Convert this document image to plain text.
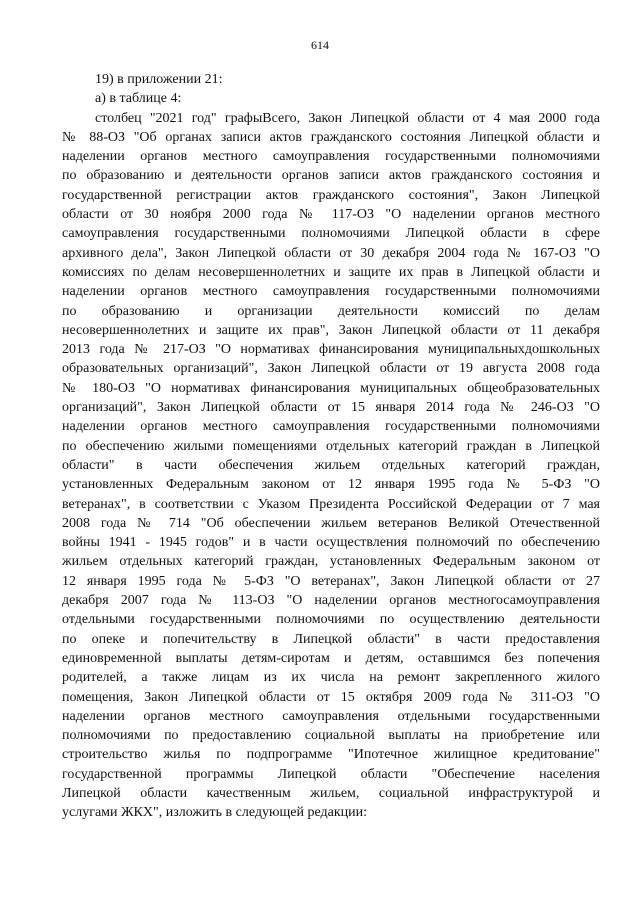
614
19) в приложении 21:
а) в таблице 4:
столбец "2021 год" графыВсего, Закон Липецкой области от 4 мая 2000 года
№ 88-ОЗ "Об органах записи актов гражданского состояния Липецкой области и
наделении органов местного самоуправления государственными полномочиями
по образованию и деятельности органов записи актов гражданского состояния и
государственной регистрации актов гражданского состояния", Закон Липецкой
области от 30 ноября 2000 года № 117-ОЗ "О наделении органов местного
самоуправления государственными полномочиями Липецкой области в сфере
архивного дела", Закон Липецкой области от 30 декабря 2004 года № 167-ОЗ "О
комиссиях по делам несовершеннолетних и защите их прав в Липецкой области и
наделении органов местного самоуправления государственными полномочиями
по образованию и организации деятельности комиссий по делам
несовершеннолетних и защите их прав", Закон Липецкой области от 11 декабря
2013 года № 217-ОЗ "О нормативах финансирования муниципальныхдошкольных
образовательных организаций", Закон Липецкой области от 19 августа 2008 года
№ 180-ОЗ "О нормативах финансирования муниципальных общеобразовательных
организаций", Закон Липецкой области от 15 января 2014 года № 246-ОЗ "О
наделении органов местного самоуправления государственными полномочиями
по обеспечению жилыми помещениями отдельных категорий граждан в Липецкой
области" в части обеспечения жильем отдельных категорий граждан,
установленных Федеральным законом от 12 января 1995 года № 5-ФЗ "О
ветеранах", в соответствии с Указом Президента Российской Федерации от 7 мая
2008 года № 714 "Об обеспечении жильем ветеранов Великой Отечественной
войны 1941 - 1945 годов" и в части осуществления полномочий по обеспечению
жильем отдельных категорий граждан, установленных Федеральным законом от
12 января 1995 года № 5-ФЗ "О ветеранах", Закон Липецкой области от 27
декабря 2007 года № 113-ОЗ "О наделении органов местногосамоуправления
отдельными государственными полномочиями по осуществлению деятельности
по опеке и попечительству в Липецкой области" в части предоставления
единовременной выплаты детям-сиротам и детям, оставшимся без попечения
родителей, а также лицам из их числа на ремонт закрепленного жилого
помещения, Закон Липецкой области от 15 октября 2009 года № 311-ОЗ "О
наделении органов местного самоуправления отдельными государственными
полномочиями по предоставлению социальной выплаты на приобретение или
строительство жилья по подпрограмме "Ипотечное жилищное кредитование"
государственной программы Липецкой области "Обеспечение населения
Липецкой области качественным жильем, социальной инфраструктурой и
услугами ЖКХ", изложить в следующей редакции:
